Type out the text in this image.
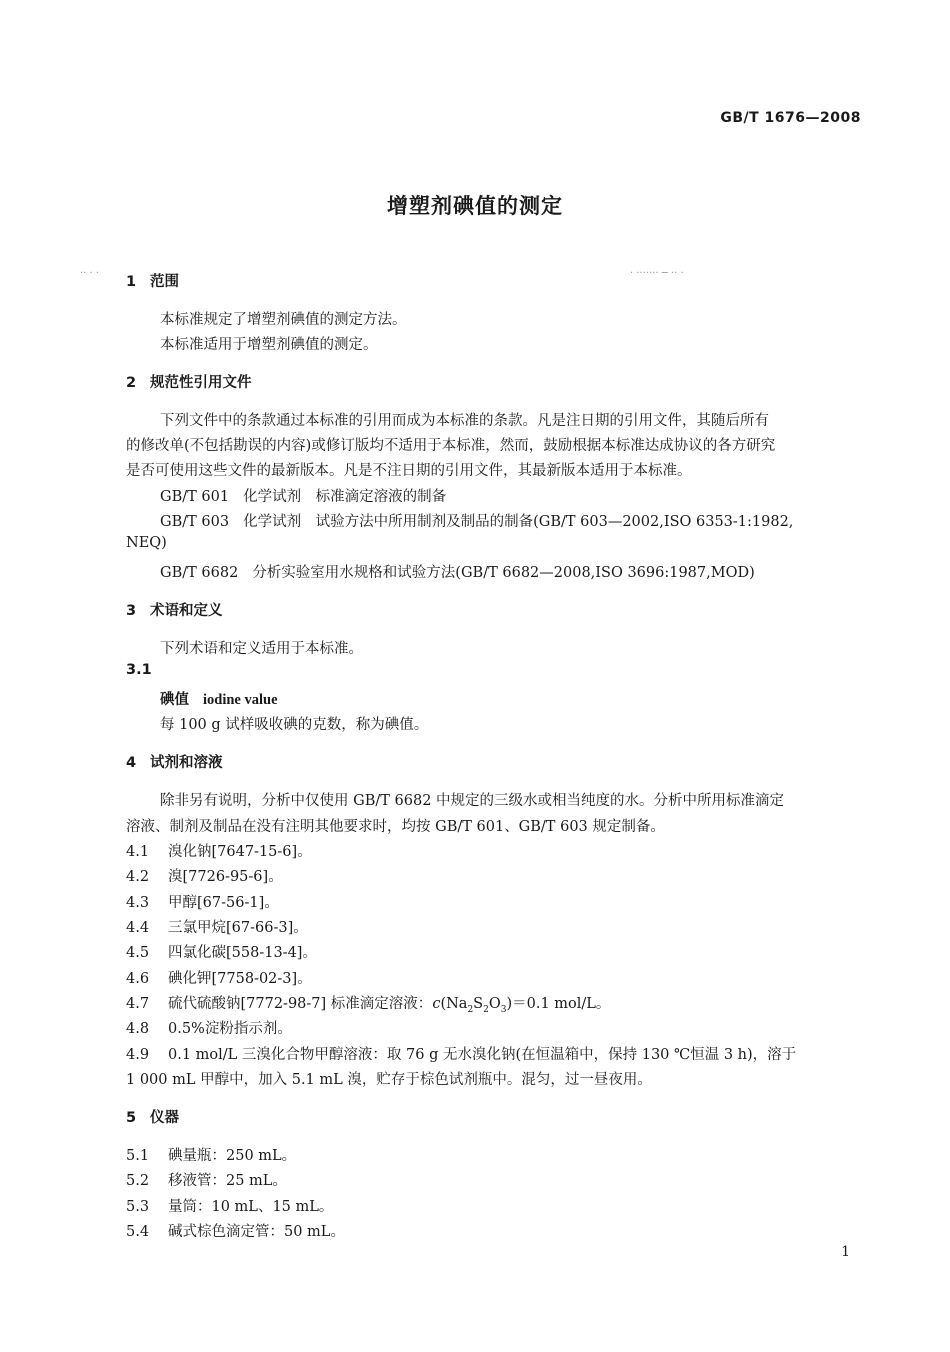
GB/T 1676—2008
增塑剂碘值的测定
·· · ·	· ······· ─ ·· ·
1 范围
本标准规定了增塑剂碘值的测定方法。
本标准适用于增塑剂碘值的测定。
2 规范性引用文件
下列文件中的条款通过本标准的引用而成为本标准的条款。凡是注日期的引用文件，其随后所有
的修改单(不包括勘误的内容)或修订版均不适用于本标准，然而，鼓励根据本标准达成协议的各方研究
是否可使用这些文件的最新版本。凡是不注日期的引用文件，其最新版本适用于本标准。
GB/T 601 化学试剂　标准滴定溶液的制备
GB/T 603 化学试剂　试验方法中所用制剂及制品的制备(GB/T 603—2002,ISO 6353-1:1982,
NEQ)
GB/T 6682 分析实验室用水规格和试验方法(GB/T 6682—2008,ISO 3696:1987,MOD)
3 术语和定义
下列术语和定义适用于本标准。
3.1
碘值 iodine value
每 100 g 试样吸收碘的克数，称为碘值。
4 试剂和溶液
除非另有说明，分析中仅使用 GB/T 6682 中规定的三级水或相当纯度的水。分析中所用标准滴定
溶液、制剂及制品在没有注明其他要求时，均按 GB/T 601、GB/T 603 规定制备。
4.1 溴化钠[7647-15-6]。
4.2 溴[7726-95-6]。
4.3 甲醇[67-56-1]。
4.4 三氯甲烷[67-66-3]。
4.5 四氯化碳[558-13-4]。
4.6 碘化钾[7758-02-3]。
4.7 硫代硫酸钠[7772-98-7] 标准滴定溶液：$c(Na_2S_2O_3)=0.1$ mol/L。
4.8 0.5%淀粉指示剂。
4.9 0.1 mol/L 三溴化合物甲醇溶液：取 76 g 无水溴化钠(在恒温箱中，保持 130 ℃恒温 3 h)，溶于
1 000 mL 甲醇中，加入 5.1 mL 溴，贮存于棕色试剂瓶中。混匀，过一昼夜用。
5 仪器
5.1 碘量瓶：250 mL。
5.2 移液管：25 mL。
5.3 量筒：10 mL、15 mL。
5.4 碱式棕色滴定管：50 mL。
1
